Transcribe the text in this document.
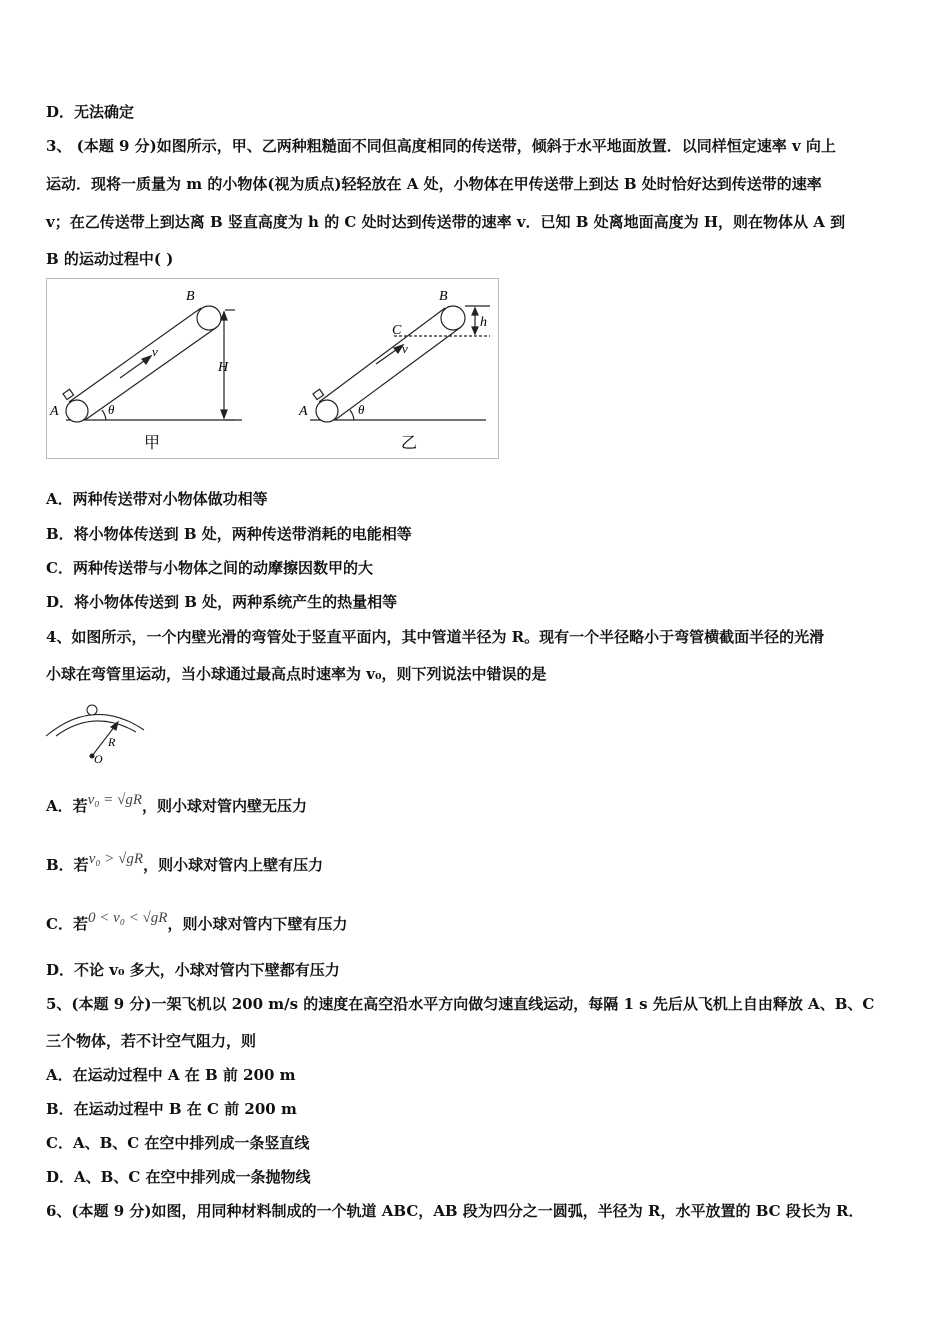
D．无法确定
3、 (本题 9 分)如图所示，甲、乙两种粗糙面不同但高度相同的传送带，倾斜于水平地面放置．以同样恒定速率 v 向上
运动．现将一质量为 m 的小物体(视为质点)轻轻放在 A 处，小物体在甲传送带上到达 B 处时恰好达到传送带的速率
v；在乙传送带上到达离 B 竖直高度为 h 的 C 处时达到传送带的速率 v．已知 B 处离地面高度为 H，则在物体从 A 到
B 的运动过程中( )
A
B
v
θ
H
甲
A
B
C
v
θ
h
乙
A．两种传送带对小物体做功相等
B．将小物体传送到 B 处，两种传送带消耗的电能相等
C．两种传送带与小物体之间的动摩擦因数甲的大
D．将小物体传送到 B 处，两种系统产生的热量相等
4、如图所示，一个内壁光滑的弯管处于竖直平面内，其中管道半径为 R。现有一个半径略小于弯管横截面半径的光滑
小球在弯管里运动，当小球通过最高点时速率为 v₀，则下列说法中错误的是
R
O
A．若v₀ = √gR，则小球对管内壁无压力
B．若v₀ > √gR，则小球对管内上壁有压力
C．若0 < v₀ < √gR，则小球对管内下壁有压力
D．不论 v₀ 多大，小球对管内下壁都有压力
5、(本题 9 分)一架飞机以 200 m/s 的速度在高空沿水平方向做匀速直线运动，每隔 1 s 先后从飞机上自由释放 A、B、C
三个物体，若不计空气阻力，则
A．在运动过程中 A 在 B 前 200 m
B．在运动过程中 B 在 C 前 200 m
C．A、B、C 在空中排列成一条竖直线
D．A、B、C 在空中排列成一条抛物线
6、(本题 9 分)如图，用同种材料制成的一个轨道 ABC，AB 段为四分之一圆弧，半径为 R，水平放置的 BC 段长为 R．
